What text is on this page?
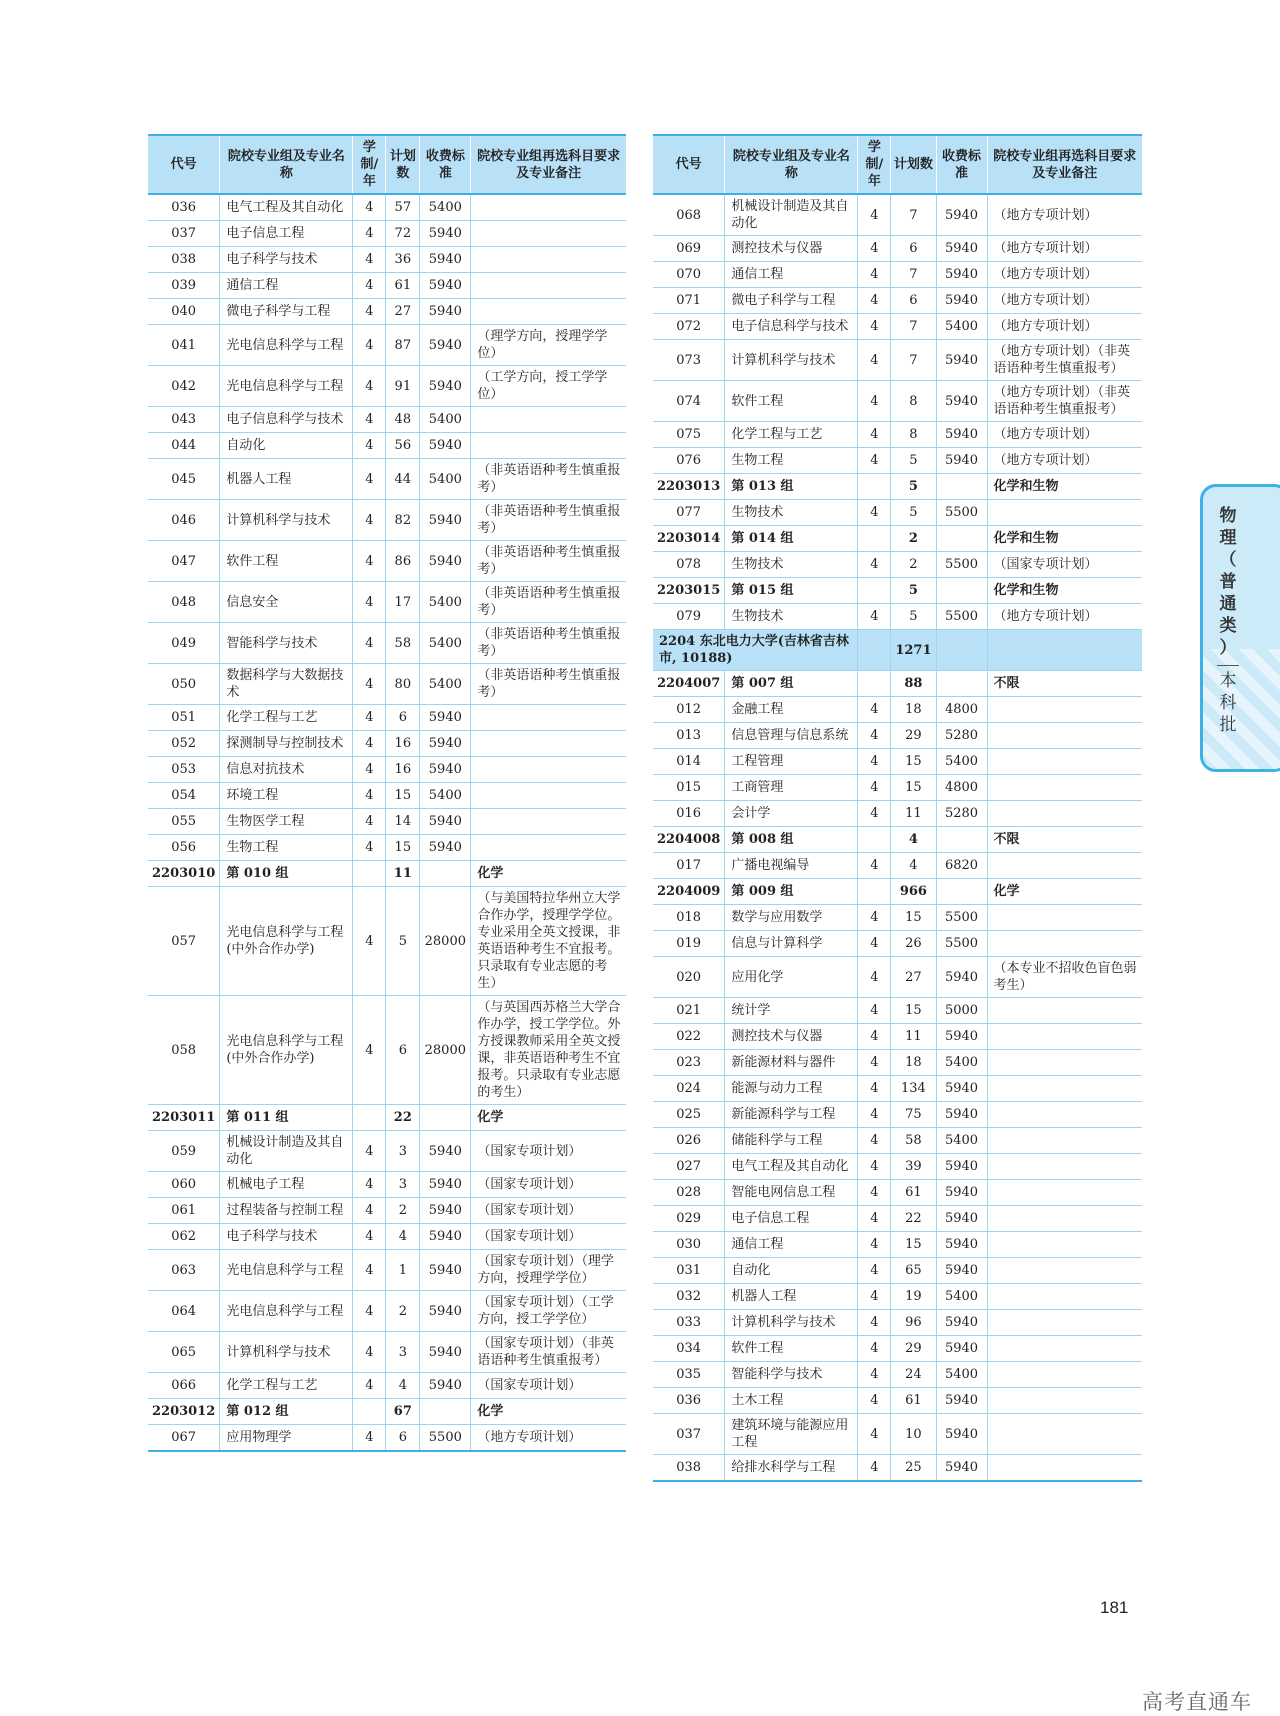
代号	院校专业组及专业名称	学制/年	计划数	收费标准	院校专业组再选科目要求及专业备注
036	电气工程及其自动化	4	57	5400	
037	电子信息工程	4	72	5940	
038	电子科学与技术	4	36	5940	
039	通信工程	4	61	5940	
040	微电子科学与工程	4	27	5940	
041	光电信息科学与工程	4	87	5940	（理学方向，授理学学位）
042	光电信息科学与工程	4	91	5940	（工学方向，授工学学位）
043	电子信息科学与技术	4	48	5400	
044	自动化	4	56	5940	
045	机器人工程	4	44	5400	（非英语语种考生慎重报考）
046	计算机科学与技术	4	82	5940	（非英语语种考生慎重报考）
047	软件工程	4	86	5940	（非英语语种考生慎重报考）
048	信息安全	4	17	5400	（非英语语种考生慎重报考）
049	智能科学与技术	4	58	5400	（非英语语种考生慎重报考）
050	数据科学与大数据技术	4	80	5400	（非英语语种考生慎重报考）
051	化学工程与工艺	4	6	5940	
052	探测制导与控制技术	4	16	5940	
053	信息对抗技术	4	16	5940	
054	环境工程	4	15	5400	
055	生物医学工程	4	14	5940	
056	生物工程	4	15	5940	
2203010	第 010 组		11		化学
057	光电信息科学与工程(中外合作办学)	4	5	28000	（与美国特拉华州立大学合作办学，授理学学位。专业采用全英文授课，非英语语种考生不宜报考。只录取有专业志愿的考生）
058	光电信息科学与工程(中外合作办学)	4	6	28000	（与英国西苏格兰大学合作办学，授工学学位。外方授课教师采用全英文授课，非英语语种考生不宜报考。只录取有专业志愿的考生）
2203011	第 011 组		22		化学
059	机械设计制造及其自动化	4	3	5940	（国家专项计划）
060	机械电子工程	4	3	5940	（国家专项计划）
061	过程装备与控制工程	4	2	5940	（国家专项计划）
062	电子科学与技术	4	4	5940	（国家专项计划）
063	光电信息科学与工程	4	1	5940	（国家专项计划）（理学方向，授理学学位）
064	光电信息科学与工程	4	2	5940	（国家专项计划）（工学方向，授工学学位）
065	计算机科学与技术	4	3	5940	（国家专项计划）（非英语语种考生慎重报考）
066	化学工程与工艺	4	4	5940	（国家专项计划）
2203012	第 012 组		67		化学
067	应用物理学	4	6	5500	（地方专项计划）
代号	院校专业组及专业名称	学制/年	计划数	收费标准	院校专业组再选科目要求及专业备注
068	机械设计制造及其自动化	4	7	5940	（地方专项计划）
069	测控技术与仪器	4	6	5940	（地方专项计划）
070	通信工程	4	7	5940	（地方专项计划）
071	微电子科学与工程	4	6	5940	（地方专项计划）
072	电子信息科学与技术	4	7	5400	（地方专项计划）
073	计算机科学与技术	4	7	5940	（地方专项计划）（非英语语种考生慎重报考）
074	软件工程	4	8	5940	（地方专项计划）（非英语语种考生慎重报考）
075	化学工程与工艺	4	8	5940	（地方专项计划）
076	生物工程	4	5	5940	（地方专项计划）
2203013	第 013 组		5		化学和生物
077	生物技术	4	5	5500	
2203014	第 014 组		2		化学和生物
078	生物技术	4	2	5500	（国家专项计划）
2203015	第 015 组		5		化学和生物
079	生物技术	4	5	5500	（地方专项计划）
2204 东北电力大学(吉林省吉林市, 10188)			1271		
2204007	第 007 组		88		不限
012	金融工程	4	18	4800	
013	信息管理与信息系统	4	29	5280	
014	工程管理	4	15	5400	
015	工商管理	4	15	4800	
016	会计学	4	11	5280	
2204008	第 008 组		4		不限
017	广播电视编导	4	4	6820	
2204009	第 009 组		966		化学
018	数学与应用数学	4	15	5500	
019	信息与计算科学	4	26	5500	
020	应用化学	4	27	5940	（本专业不招收色盲色弱考生）
021	统计学	4	15	5000	
022	测控技术与仪器	4	11	5940	
023	新能源材料与器件	4	18	5400	
024	能源与动力工程	4	134	5940	
025	新能源科学与工程	4	75	5940	
026	储能科学与工程	4	58	5400	
027	电气工程及其自动化	4	39	5940	
028	智能电网信息工程	4	61	5940	
029	电子信息工程	4	22	5940	
030	通信工程	4	15	5940	
031	自动化	4	65	5940	
032	机器人工程	4	19	5400	
033	计算机科学与技术	4	96	5940	
034	软件工程	4	29	5940	
035	智能科学与技术	4	24	5400	
036	土木工程	4	61	5940	
037	建筑环境与能源应用工程	4	10	5940	
038	给排水科学与工程	4	25	5940	
物
理
（
普
通
类
）
本
科
批
181
高考直通车
